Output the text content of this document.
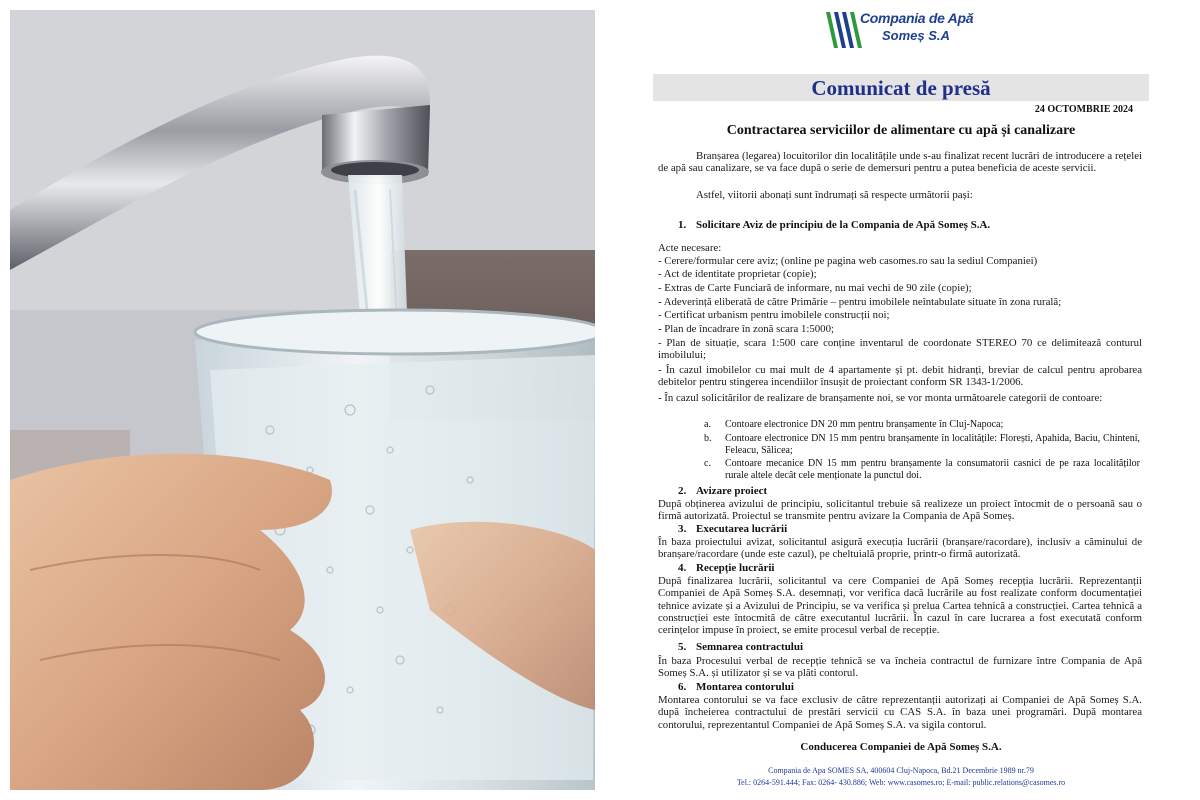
Compania de Apă
Someș S.A
Comunicat de presă
24 OCTOMBRIE 2024
Contractarea serviciilor de alimentare cu apă și canalizare
Branșarea (legarea) locuitorilor din localitățile unde s-au finalizat recent lucrări de introducere a rețelei de apă sau canalizare, se va face după o serie de demersuri pentru a putea beneficia de aceste servicii.
Astfel, viitorii abonați sunt îndrumați să respecte următorii pași:
1. Solicitare Aviz de principiu de la Compania de Apă Someș S.A.
Acte necesare:
- Cerere/formular cere aviz; (online pe pagina web casomes.ro sau la sediul Companiei)
- Act de identitate proprietar (copie);
- Extras de Carte Funciară de informare, nu mai vechi de 90 zile (copie);
- Adeverință eliberată de către Primărie – pentru imobilele neîntabulate situate în zona rurală;
- Certificat urbanism pentru imobilele construcții noi;
- Plan de încadrare în zonă scara 1:5000;
- Plan de situație, scara 1:500 care conține inventarul de coordonate STEREO 70 ce delimitează conturul imobilului;
- În cazul imobilelor cu mai mult de 4 apartamente și pt. debit hidranți, breviar de calcul pentru aprobarea debitelor pentru stingerea incendiilor însușit de proiectant conform SR 1343-1/2006.
- În cazul solicitărilor de realizare de branșamente noi, se vor monta următoarele categorii de contoare:
a. Contoare electronice DN 20 mm pentru branșamente în Cluj-Napoca;
b. Contoare electronice DN 15 mm pentru branșamente în localitățile: Florești, Apahida, Baciu, Chinteni, Feleacu, Sălicea;
c. Contoare mecanice DN 15 mm pentru branșamente la consumatorii casnici de pe raza localităților rurale altele decât cele menționate la punctul doi.
2. Avizare proiect
După obținerea avizului de principiu, solicitantul trebuie să realizeze un proiect întocmit de o persoană sau o firmă autorizată. Proiectul se transmite pentru avizare la Compania de Apă Someș.
3. Executarea lucrării
În baza proiectului avizat, solicitantul asigură execuția lucrării (branșare/racordare), inclusiv a căminului de branșare/racordare (unde este cazul), pe cheltuială proprie, printr-o firmă autorizată.
4. Recepție lucrării
După finalizarea lucrării, solicitantul va cere Companiei de Apă Someș recepția lucrării. Reprezentanții Companiei de Apă Someș S.A. desemnați, vor verifica dacă lucrările au fost realizate conform documentației tehnice avizate și a Avizului de Principiu, se va verifica și prelua Cartea tehnică a construcției. Cartea tehnică a construcției este întocmită de către executantul lucrării. În cazul în care lucrarea a fost executată conform cerințelor impuse în proiect, se emite procesul verbal de recepție.
5. Semnarea contractului
În baza Procesului verbal de recepție tehnică se va încheia contractul de furnizare între Compania de Apă Someș S.A. și utilizator și se va plăti contorul.
6. Montarea contorului
Montarea contorului se va face exclusiv de către reprezentanții autorizați ai Companiei de Apă Someș S.A. după încheierea contractului de prestări servicii cu CAS S.A. în baza unei programări. După montarea contorului, reprezentantul Companiei de Apă Someș S.A. va sigila contorul.
Conducerea Companiei de Apă Someș S.A.
Compania de Apa SOMES SA, 400604 Cluj-Napoca, Bd.21 Decembrie 1989 nr.79
Tel.: 0264-591.444; Fax: 0264- 430.886; Web: www.casomes.ro; E-mail: public.relations@casomes.ro
